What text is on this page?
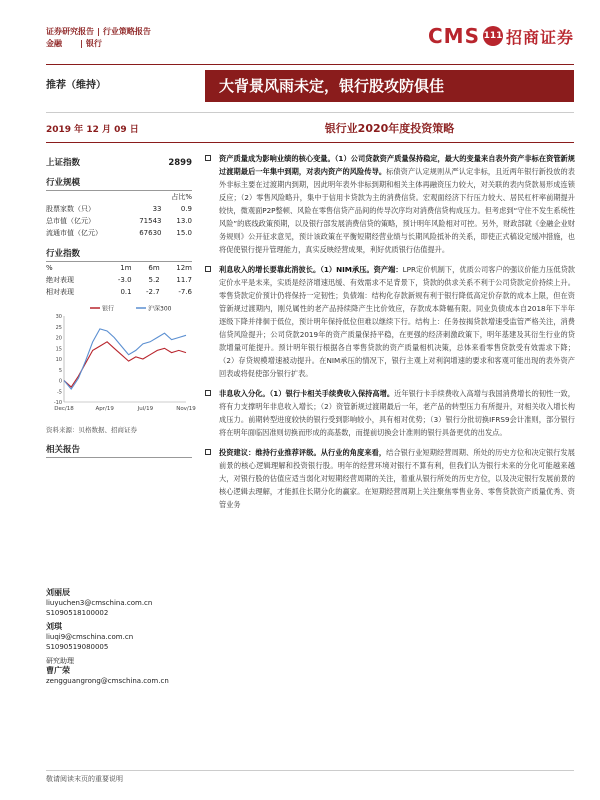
证券研究报告 | 行业策略报告
金融 | 银行	CMS 111 招商证券
推荐（维持）	大背景风雨未定，银行股攻防俱佳
2019 年 12 月 09 日	银行业2020年度投资策略
上证指数	2899
行业规模
		占比%
股票家数（只）	33	0.9
总市值（亿元）	71543	13.0
流通市值（亿元）	67630	15.0
行业指数
%	1m	6m	12m
绝对表现	-3.0	5.2	11.7
相对表现	0.1	-2.7	-7.6
银行	沪深300
-10
-5
0
5
10
15
20
25
30
Dec/18	Apr/19	Jul/19	Nov/19
资料来源：贝格数据、招商证券
相关报告
刘丽辰
liuyuchen3@cmschina.com.cn
S1090518100002
刘琪
liuqi9@cmschina.com.cn
S1090519080005
研究助理
曹广荣
zengguangrong@cmschina.com.cn
资产质量成为影响业绩的核心变量。（1）公司贷款资产质量保持稳定，最大的变量来自表外资产非标在资管新规过渡期最后一年集中到期，对表内资产的风险传导。标债资产认定规则从严认定非标，且近两年银行新投放的表外非标主要在过渡期内到期，因此明年表外非标到期和相关主体再融资压力较大，对关联的表内贷款易形成连锁反应；（2）零售风险略升，集中于信用卡贷款为主的消费信贷。宏观面经济下行压力较大、居民杠杆率前期提升较快，微观面P2P整顿、风险在零售信贷产品间的传导次序均对消费信贷构成压力。但考虑到“守住不发生系统性风险”的底线政策预期，以及银行部发展消费信贷的策略，预计明年风险相对可控。另外，财政部就《金融企业财务规则》公开征求意见，预计该政策在平衡短期经营业绩与长期风险抵补的关系，即使正式稿设定缓冲措施，也将促使银行提升管理能力，真实反映经营成果，利好优质银行估值提升。
利息收入的增长要靠此消彼长。（1）NIM承压。资产端：LPR定价机制下，优质公司客户的强议价能力压低贷款定价水平是未来，实质是经济增速迅缓、有效需求不足背景下，贷款的供求关系不利于公司贷款定价持续上升。零售贷款定价预计仍将保持一定韧性；负债端：结构化存款新规有利于银行降低高定价存款的成本上限，但在资管新规过渡期内，刚兑属性的老产品持续降产生比价效应，存款成本降幅有限。同业负债成本自2018年下半年逐级下降并徘徊于低位，预计明年保持低位但难以继续下行。结构上：任务按揭贷款增速受监管严格关注，消费信贷风险提升；公司贷款2019年的资产质量保持平稳，在更强的经济刺激政策下，明年基建及其衍生行业的贷款增量可能提升。预计明年银行根据各自零售贷款的资产质量相机决策，总体来看零售贷款受有效需求下降；（2）存贷规模增速被动提升。在NIM承压的情况下，银行主观上对利润增速的要求和客观可能出现的表外资产回表或将促使部分银行扩表。
非息收入分化。（1）银行卡相关手续费收入保持高增。近年银行卡手续费收入高增与我国消费增长的韧性一致，将有力支撑明年非息收入增长；（2）资管新规过渡期最后一年，老产品的转型压力有所提升，对相关收入增长构成压力。前期转型进度较快的银行受到影响较小，具有相对优势；（3）银行分批切换IFRS9会计准则，部分银行将在明年面临因准则切换而形成的高基数，而提前切换会计准则的银行具备更优的出发点。
投资建议：维持行业推荐评级。从行业的角度来看，结合银行业短期经营周期、所处的历史方位和决定银行发展前景的核心逻辑理解和投资银行股。明年的经营环境对银行不算有利，但我们认为银行未来的分化可能越来越大，对银行股的估值应适当弱化对短期经营周期的关注，着重从银行所处的历史方位，以及决定银行发展前景的核心逻辑去理解，才能抓住长期分化的赢家。在短期经营周期上关注聚焦零售业务、零售贷款资产质量优秀、资管业务
敬请阅读末页的重要说明
